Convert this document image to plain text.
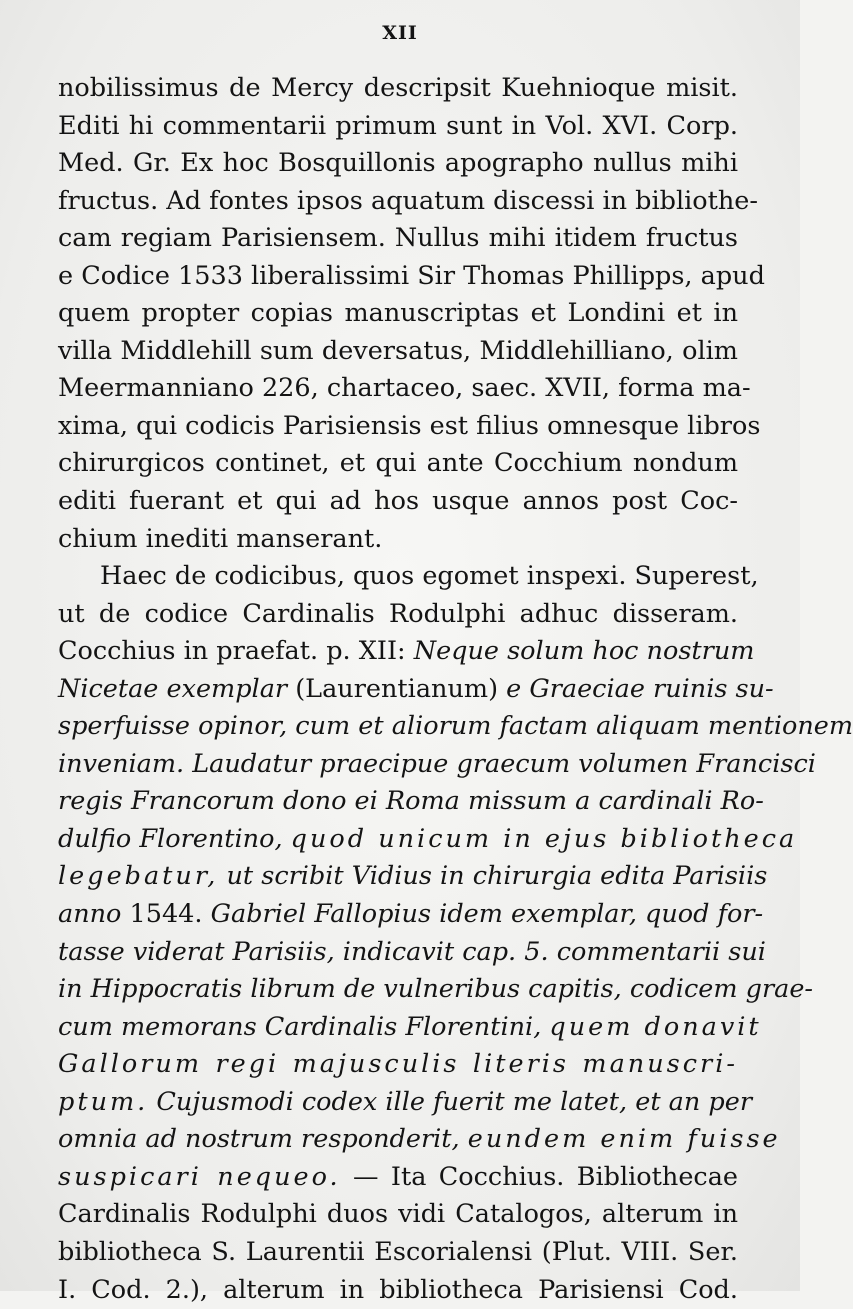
XII
nobilissimus de Mercy descripsit Kuehnioque misit.
Editi hi commentarii primum sunt in Vol. XVI. Corp.
Med. Gr. Ex hoc Bosquillonis apographo nullus mihi
fructus. Ad fontes ipsos aquatum discessi in bibliothe-
cam regiam Parisiensem. Nullus mihi itidem fructus
e Codice 1533 liberalissimi Sir Thomas Phillipps, apud
quem propter copias manuscriptas et Londini et in
villa Middlehill sum deversatus, Middlehilliano, olim
Meermanniano 226, chartaceo, saec. XVII, forma ma-
xima, qui codicis Parisiensis est filius omnesque libros
chirurgicos continet, et qui ante Cocchium nondum
editi fuerant et qui ad hos usque annos post Coc-
chium inediti manserant.
Haec de codicibus, quos egomet inspexi. Superest,
ut de codice Cardinalis Rodulphi adhuc disseram.
Cocchius in praefat. p. XII: Neque solum hoc nostrum
Nicetae exemplar (Laurentianum) e Graeciae ruinis su-
sperfuisse opinor, cum et aliorum factam aliquam mentionem
inveniam. Laudatur praecipue graecum volumen Francisci
regis Francorum dono ei Roma missum a cardinali Ro-
dulfio Florentino, quod unicum in ejus bibliotheca
legebatur, ut scribit Vidius in chirurgia edita Parisiis
anno 1544. Gabriel Fallopius idem exemplar, quod for-
tasse viderat Parisiis, indicavit cap. 5. commentarii sui
in Hippocratis librum de vulneribus capitis, codicem grae-
cum memorans Cardinalis Florentini, quem donavit
Gallorum regi majusculis literis manuscri-
ptum. Cujusmodi codex ille fuerit me latet, et an per
omnia ad nostrum responderit, eundem enim fuisse
suspicari nequeo. — Ita Cocchius. Bibliothecae
Cardinalis Rodulphi duos vidi Catalogos, alterum in
bibliotheca S. Laurentii Escorialensi (Plut. VIII. Ser.
I. Cod. 2.), alterum in bibliotheca Parisiensi Cod.
